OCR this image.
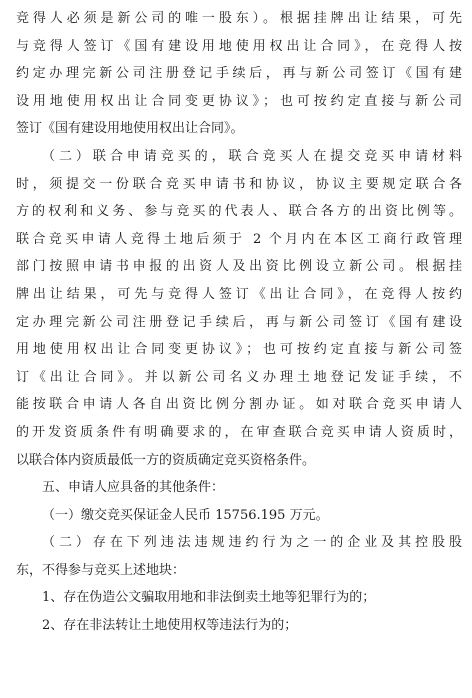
竞得人必须是新公司的唯一股东）。根据挂牌出让结果，可先
与竞得人签订《国有建设用地使用权出让合同》，在竞得人按
约定办理完新公司注册登记手续后，再与新公司签订《国有建
设用地使用权出让合同变更协议》；也可按约定直接与新公司
签订《国有建设用地使用权出让合同》。
（二）联合申请竞买的，联合竞买人在提交竞买申请材料
时，须提交一份联合竞买申请书和协议，协议主要规定联合各
方的权利和义务、参与竞买的代表人、联合各方的出资比例等。
联合竞买申请人竞得土地后须于 2 个月内在本区工商行政管理
部门按照申请书申报的出资人及出资比例设立新公司。根据挂
牌出让结果，可先与竞得人签订《出让合同》，在竞得人按约
定办理完新公司注册登记手续后，再与新公司签订《国有建设
用地使用权出让合同变更协议》；也可按约定直接与新公司签
订《出让合同》。并以新公司名义办理土地登记发证手续，不
能按联合申请人各自出资比例分割办证。如对联合竞买申请人
的开发资质条件有明确要求的，在审查联合竞买申请人资质时，
以联合体内资质最低一方的资质确定竞买资格条件。
五、申请人应具备的其他条件：
（一）缴交竞买保证金人民币 15756.195 万元。
（二）存在下列违法违规违约行为之一的企业及其控股股
东，不得参与竞买上述地块：
1、存在伪造公文骗取用地和非法倒卖土地等犯罪行为的；
2、存在非法转让土地使用权等违法行为的；
